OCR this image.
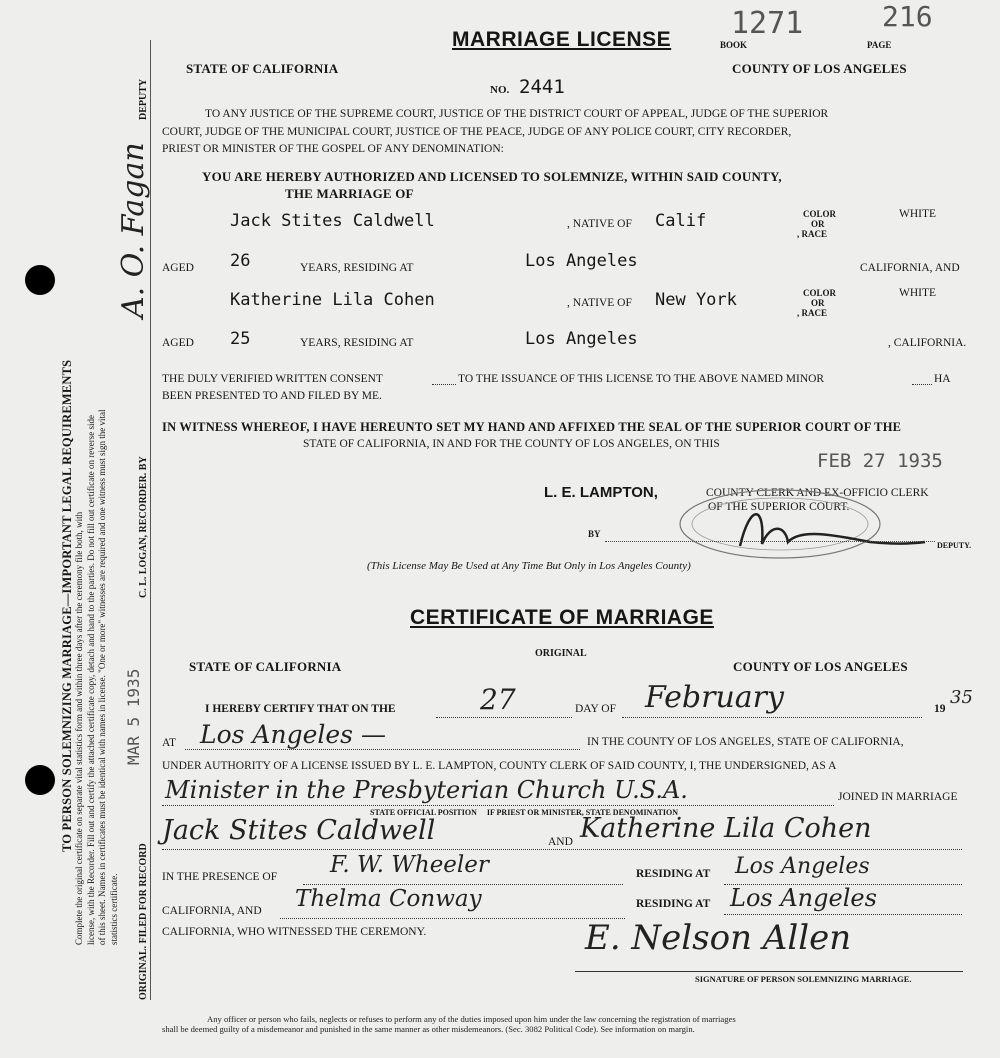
TO PERSON SOLEMNIZING MARRIAGE—IMPORTANT LEGAL REQUIREMENTS Complete the original certificate on separate vital statistics form and within three days after the ceremony file both, with license, with the Recorder. Fill out and certify the attached certificate copy, detach and hand to the parties. Do not fill out certificate on reverse side of this sheet. Names in certificates must be identical with names in license. "One or more" witnesses are required and one witness must sign the vital statistics certificate. ORIGINAL. FILED FOR RECORD
MAR 5 1935
C. L. LOGAN, RECORDER. BY
A. O. Fagan
DEPUTY
1271	216
BOOK	PAGE
MARRIAGE LICENSE
STATE OF CALIFORNIA	COUNTY OF LOS ANGELES
NO. 2441
TO ANY JUSTICE OF THE SUPREME COURT, JUSTICE OF THE DISTRICT COURT OF APPEAL, JUDGE OF THE SUPERIOR
COURT, JUDGE OF THE MUNICIPAL COURT, JUSTICE OF THE PEACE, JUDGE OF ANY POLICE COURT, CITY RECORDER,
PRIEST OR MINISTER OF THE GOSPEL OF ANY DENOMINATION:
YOU ARE HEREBY AUTHORIZED AND LICENSED TO SOLEMNIZE, WITHIN SAID COUNTY,
THE MARRIAGE OF
Jack Stites Caldwell	, NATIVE OF Calif	COLOR
OR
, RACE
WHITE
AGED 26	YEARS, RESIDING AT	Los Angeles	CALIFORNIA, AND
Katherine Lila Cohen	, NATIVE OF New York	COLOR
OR
, RACE
WHITE
AGED 25	YEARS, RESIDING AT	Los Angeles	, CALIFORNIA.
THE DULY VERIFIED WRITTEN CONSENT	TO THE ISSUANCE OF THIS LICENSE TO THE ABOVE NAMED MINOR	HA
BEEN PRESENTED TO AND FILED BY ME.
IN WITNESS WHEREOF, I HAVE HEREUNTO SET MY HAND AND AFFIXED THE SEAL OF THE SUPERIOR COURT OF THE
STATE OF CALIFORNIA, IN AND FOR THE COUNTY OF LOS ANGELES, ON THIS
FEB 27 1935
L. E. LAMPTON,	COUNTY CLERK AND EX-OFFICIO CLERK
OF THE SUPERIOR COURT.
BY
DEPUTY.
(This License May Be Used at Any Time But Only in Los Angeles County)
CERTIFICATE OF MARRIAGE
ORIGINAL
STATE OF CALIFORNIA	COUNTY OF LOS ANGELES
I HEREBY CERTIFY THAT ON THE	27	DAY OF February	19
35
AT Los Angeles —	IN THE COUNTY OF LOS ANGELES, STATE OF CALIFORNIA,
UNDER AUTHORITY OF A LICENSE ISSUED BY L. E. LAMPTON, COUNTY CLERK OF SAID COUNTY, I, THE UNDERSIGNED, AS A
Minister in the Presbyterian Church U.S.A.	JOINED IN MARRIAGE
STATE OFFICIAL POSITION     IF PRIEST OR MINISTER, STATE DENOMINATION
Jack Stites Caldwell	AND Katherine Lila Cohen
IN THE PRESENCE OF F. W. Wheeler	RESIDING AT Los Angeles
CALIFORNIA, AND Thelma Conway	RESIDING AT Los Angeles
CALIFORNIA, WHO WITNESSED THE CEREMONY.	E. Nelson Allen
SIGNATURE OF PERSON SOLEMNIZING MARRIAGE.
Any officer or person who fails, neglects or refuses to perform any of the duties imposed upon him under the law concerning the registration of marriages
shall be deemed guilty of a misdemeanor and punished in the same manner as other misdemeanors. (Sec. 3082 Political Code). See information on margin.
